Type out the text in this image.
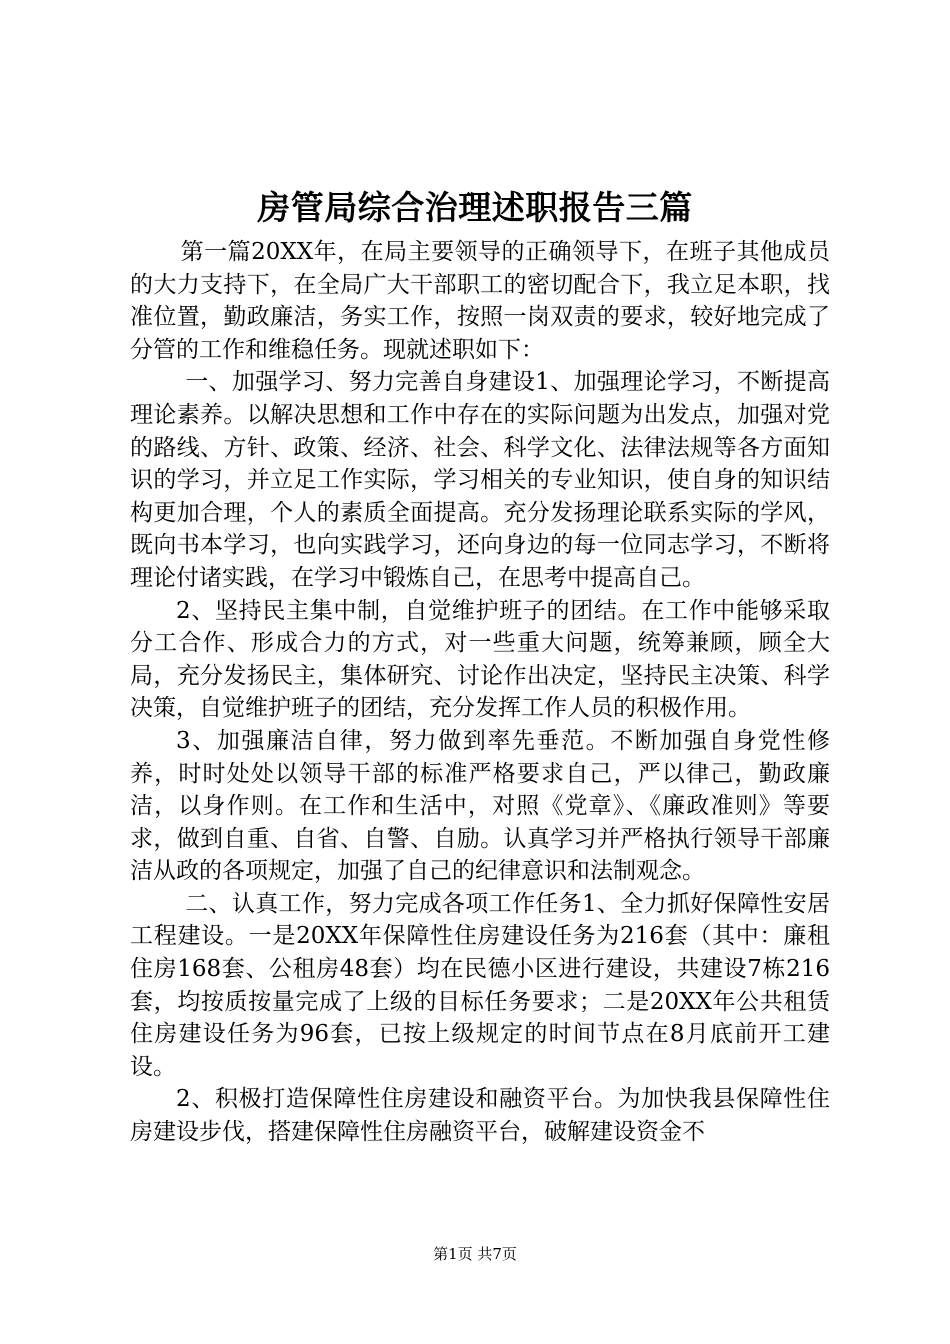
房管局综合治理述职报告三篇

第一篇20XX年，在局主要领导的正确领导下，在班子其他成员的大力支持下，在全局广大干部职工的密切配合下，我立足本职，找准位置，勤政廉洁，务实工作，按照一岗双责的要求，较好地完成了分管的工作和维稳任务。现就述职如下：

一、加强学习、努力完善自身建设1、加强理论学习，不断提高理论素养。以解决思想和工作中存在的实际问题为出发点，加强对党的路线、方针、政策、经济、社会、科学文化、法律法规等各方面知识的学习，并立足工作实际，学习相关的专业知识，使自身的知识结构更加合理，个人的素质全面提高。充分发扬理论联系实际的学风，既向书本学习，也向实践学习，还向身边的每一位同志学习，不断将理论付诸实践，在学习中锻炼自己，在思考中提高自己。

2、坚持民主集中制，自觉维护班子的团结。在工作中能够采取分工合作、形成合力的方式，对一些重大问题，统筹兼顾，顾全大局，充分发扬民主，集体研究、讨论作出决定，坚持民主决策、科学决策，自觉维护班子的团结，充分发挥工作人员的积极作用。

3、加强廉洁自律，努力做到率先垂范。不断加强自身党性修养，时时处处以领导干部的标准严格要求自己，严以律己，勤政廉洁，以身作则。在工作和生活中，对照《党章》、《廉政准则》等要求，做到自重、自省、自警、自励。认真学习并严格执行领导干部廉洁从政的各项规定，加强了自己的纪律意识和法制观念。

二、认真工作，努力完成各项工作任务1、全力抓好保障性安居工程建设。一是20XX年保障性住房建设任务为216套（其中：廉租住房168套、公租房48套）均在民德小区进行建设，共建设7栋216套，均按质按量完成了上级的目标任务要求；二是20XX年公共租赁住房建设任务为96套，已按上级规定的时间节点在8月底前开工建设。

2、积极打造保障性住房建设和融资平台。为加快我县保障性住房建设步伐，搭建保障性住房融资平台，破解建设资金不

第1页 共7页
